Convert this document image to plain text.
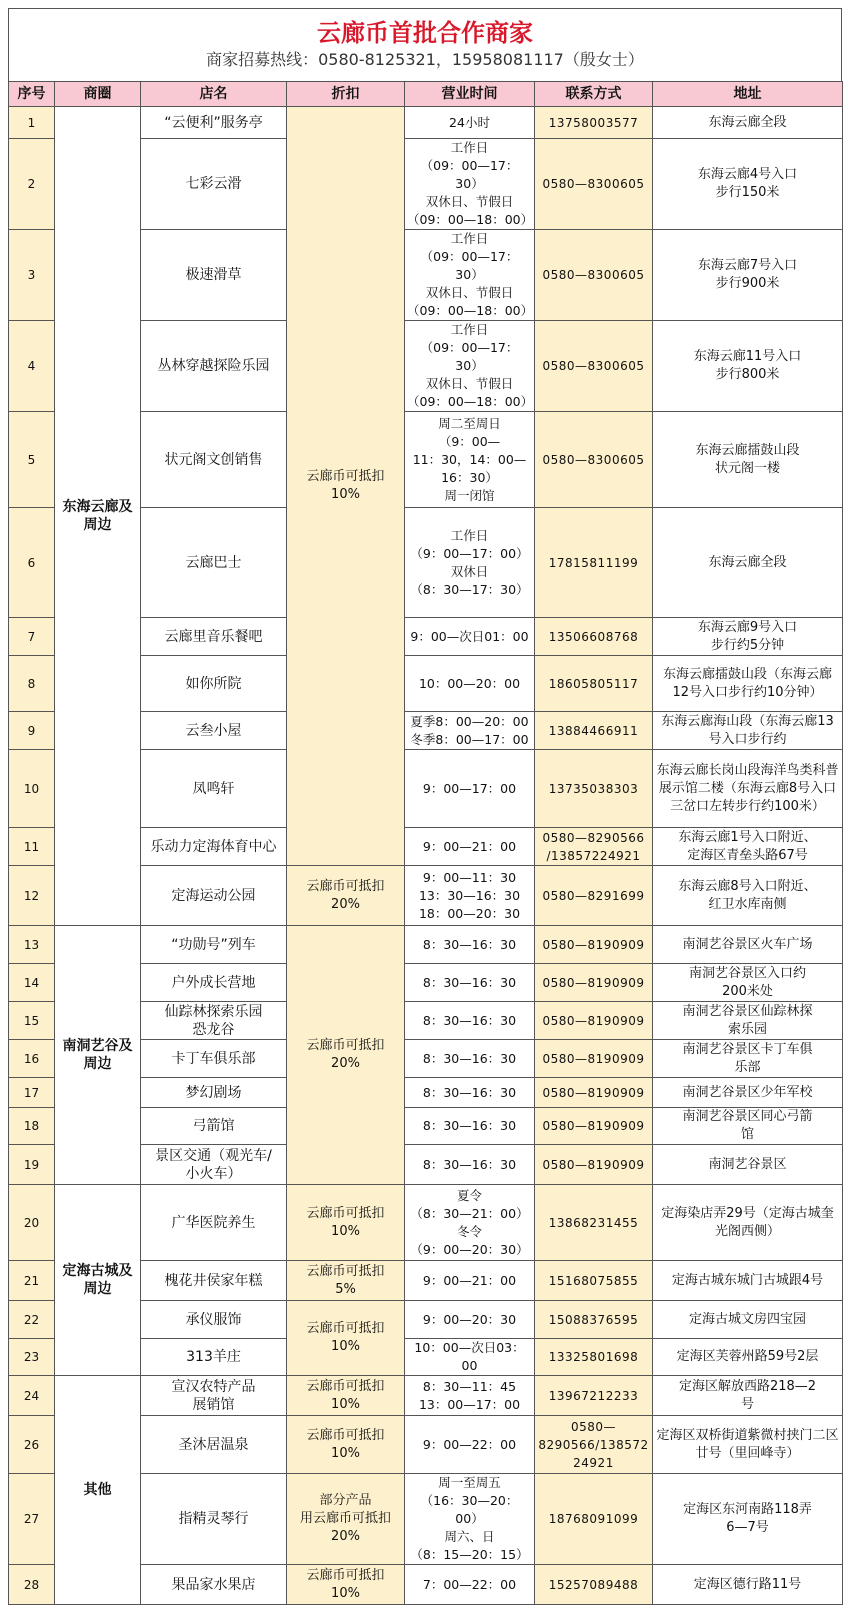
云廊币首批合作商家
商家招募热线：0580-8125321，15958081117（殷女士）
序号	商圈	店名	折扣	营业时间	联系方式	地址
1	东海云廊及周边	“云便利”服务亭	云廊币可抵扣
10%	24小时	13758003577	东海云廊全段
2		七彩云滑		工作日
（09：00—17：30）
双休日、节假日
（09：00—18：00）	0580—8300605	东海云廊4号入口
步行150米
3		极速滑草		工作日
（09：00—17：30）
双休日、节假日
（09：00—18：00）	0580—8300605	东海云廊7号入口
步行900米
4		丛林穿越探险乐园		工作日
（09：00—17：30）
双休日、节假日
（09：00—18：00）	0580—8300605	东海云廊11号入口
步行800米
5		状元阁文创销售		周二至周日
（9：00—
11：30，14：00—
16：30）
周一闭馆	0580—8300605	东海云廊擂鼓山段
状元阁一楼
6		云廊巴士		工作日
（9：00—17：00）
双休日
（8：30—17：30）	17815811199	东海云廊全段
7		云廊里音乐餐吧		9：00—次日01：00	13506608768	东海云廊9号入口
步行约5分钟
8		如你所院		10：00—20：00	18605805117	东海云廊擂鼓山段（东海云廊12号入口步行约10分钟）
9		云叁小屋		夏季8：00—20：00
冬季8：00—17：00	13884466911	东海云廊海山段（东海云廊13号入口步行约
10		凤鸣轩		9：00—17：00	13735038303	东海云廊长岗山段海洋鸟类科普展示馆二楼（东海云廊8号入口三岔口左转步行约100米）
11		乐动力定海体育中心		9：00—21：00	0580—8290566
/13857224921	东海云廊1号入口附近、
定海区青垒头路67号
12		定海运动公园	云廊币可抵扣
20%	9：00—11：30
13：30—16：30
18：00—20：30	0580—8291699	东海云廊8号入口附近、
红卫水库南侧
13	南洞艺谷及周边	“功勋号”列车	云廊币可抵扣
20%	8：30—16：30	0580—8190909	南洞艺谷景区火车广场
14		户外成长营地		8：30—16：30	0580—8190909	南洞艺谷景区入口约
200米处
15		仙踪林探索乐园
恐龙谷		8：30—16：30	0580—8190909	南洞艺谷景区仙踪林探
索乐园
16		卡丁车俱乐部		8：30—16：30	0580—8190909	南洞艺谷景区卡丁车俱
乐部
17		梦幻剧场		8：30—16：30	0580—8190909	南洞艺谷景区少年军校
18		弓箭馆		8：30—16：30	0580—8190909	南洞艺谷景区同心弓箭
馆
19		景区交通（观光车/
小火车）		8：30—16：30	0580—8190909	南洞艺谷景区
20	定海古城及周边	广华医院养生	云廊币可抵扣
10%	夏令
（8：30—21：00）
冬令
（9：00—20：30）	13868231455	定海染店弄29号（定海古城奎光阁西侧）
21		槐花井侯家年糕	云廊币可抵扣
5%	9：00—21：00	15168075855	定海古城东城门古城跟4号
22		承仪服饰	云廊币可抵扣
10%	9：00—20：30	15088376595	定海古城文房四宝园
23		313羊庄		10：00—次日03：00	13325801698	定海区芙蓉州路59号2层
24	其他	宣汉农特产品
展销馆	云廊币可抵扣
10%	8：30—11：45
13：00—17：00	13967212233	定海区解放西路218—2
号
26		圣沐居温泉	云廊币可抵扣
10%	9：00—22：00	0580—
8290566/138572
24921	定海区双桥街道紫微村挟门二区廿号（里回峰寺）
27		指精灵琴行	部分产品
用云廊币可抵扣
20%	周一至周五
（16：30—20：00）
周六、日
（8：15—20：15）	18768091099	定海区东河南路118弄
6—7号
28		果品家水果店	云廊币可抵扣
10%	7：00—22：00	15257089488	定海区德行路11号
